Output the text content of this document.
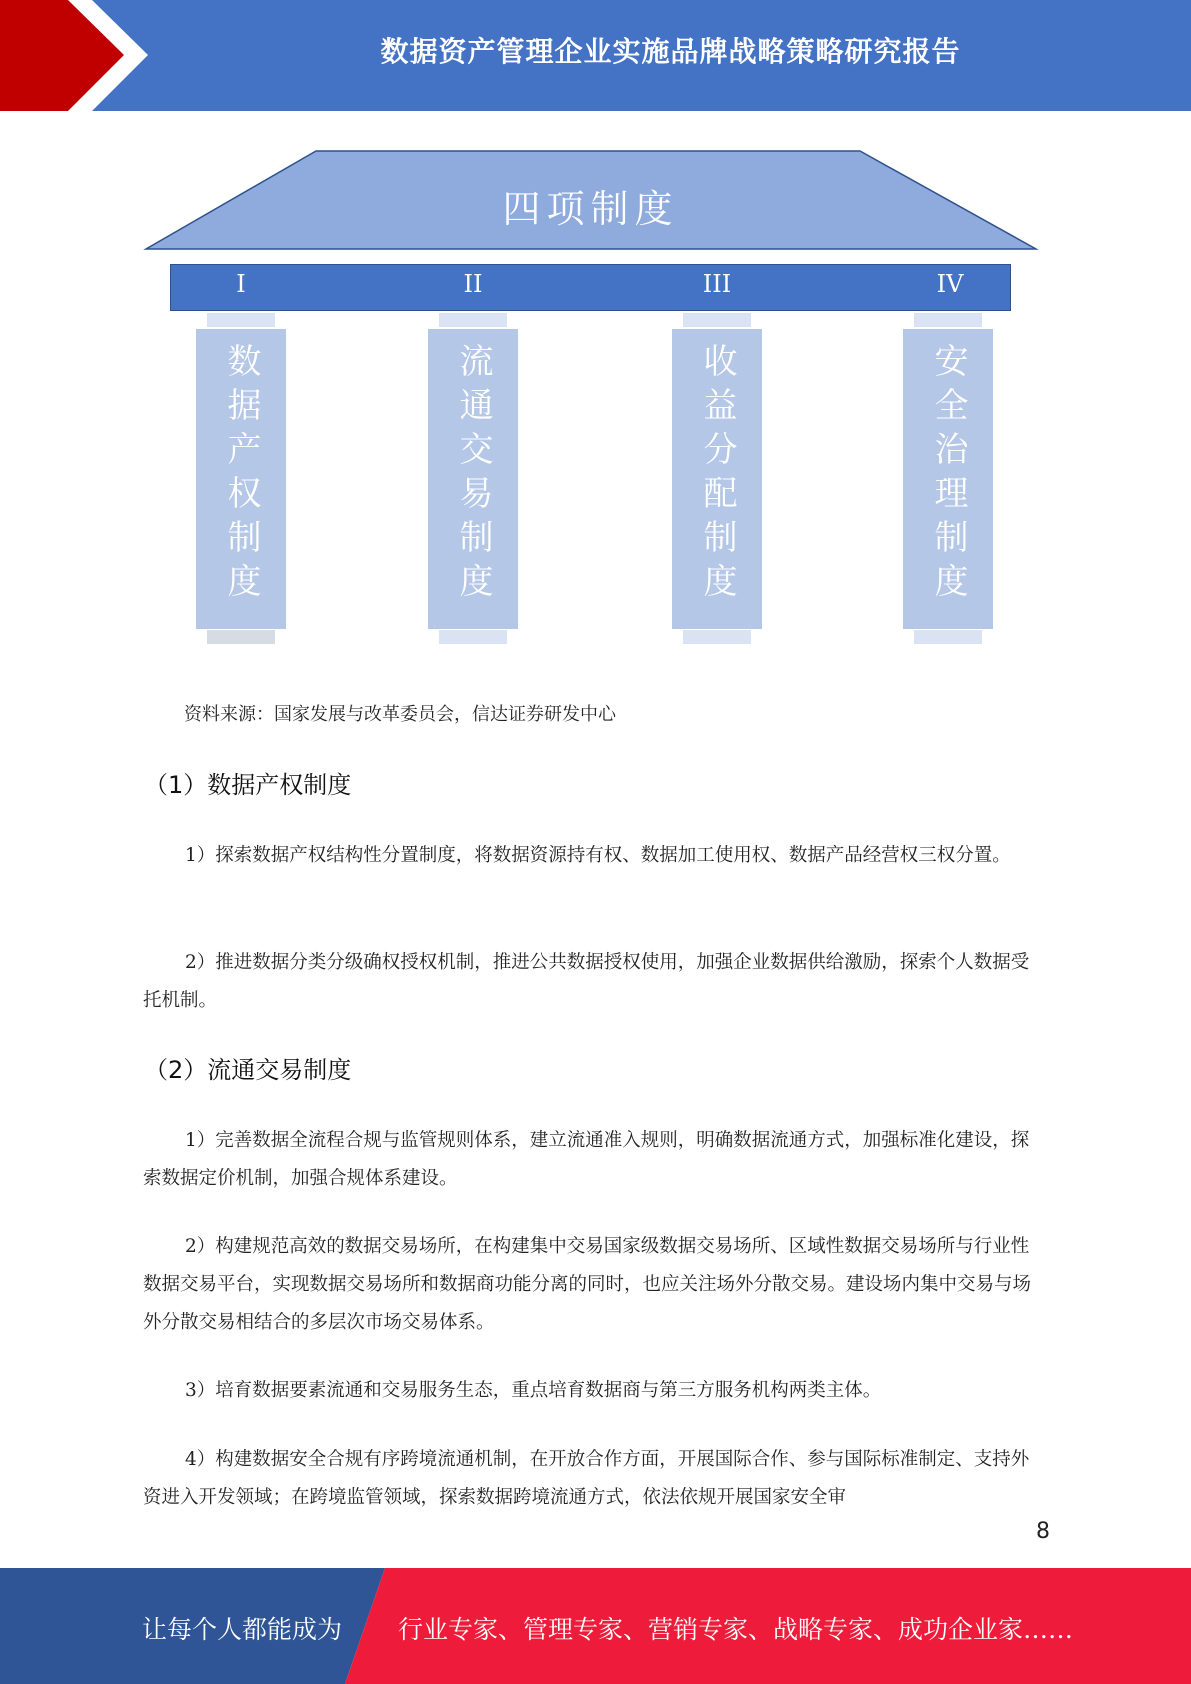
数据资产管理企业实施品牌战略策略研究报告
四项制度
I	II	III	IV
数据产权制度	流通交易制度	收益分配制度	安全治理制度
资料来源：国家发展与改革委员会，信达证券研发中心
（1）数据产权制度

1）探索数据产权结构性分置制度，将数据资源持有权、数据加工使用权、数据产品经营权三权分置。

2）推进数据分类分级确权授权机制，推进公共数据授权使用，加强企业数据供给激励，探索个人数据受托机制。

（2）流通交易制度

1）完善数据全流程合规与监管规则体系，建立流通准入规则，明确数据流通方式，加强标准化建设，探索数据定价机制，加强合规体系建设。

2）构建规范高效的数据交易场所，在构建集中交易国家级数据交易场所、区域性数据交易场所与行业性数据交易平台，实现数据交易场所和数据商功能分离的同时，也应关注场外分散交易。建设场内集中交易与场外分散交易相结合的多层次市场交易体系。

3）培育数据要素流通和交易服务生态，重点培育数据商与第三方服务机构两类主体。

4）构建数据安全合规有序跨境流通机制，在开放合作方面，开展国际合作、参与国际标准制定、支持外资进入开发领域；在跨境监管领域，探索数据跨境流通方式，依法依规开展国家安全审

8
让每个人都能成为 行业专家、管理专家、营销专家、战略专家、成功企业家……
